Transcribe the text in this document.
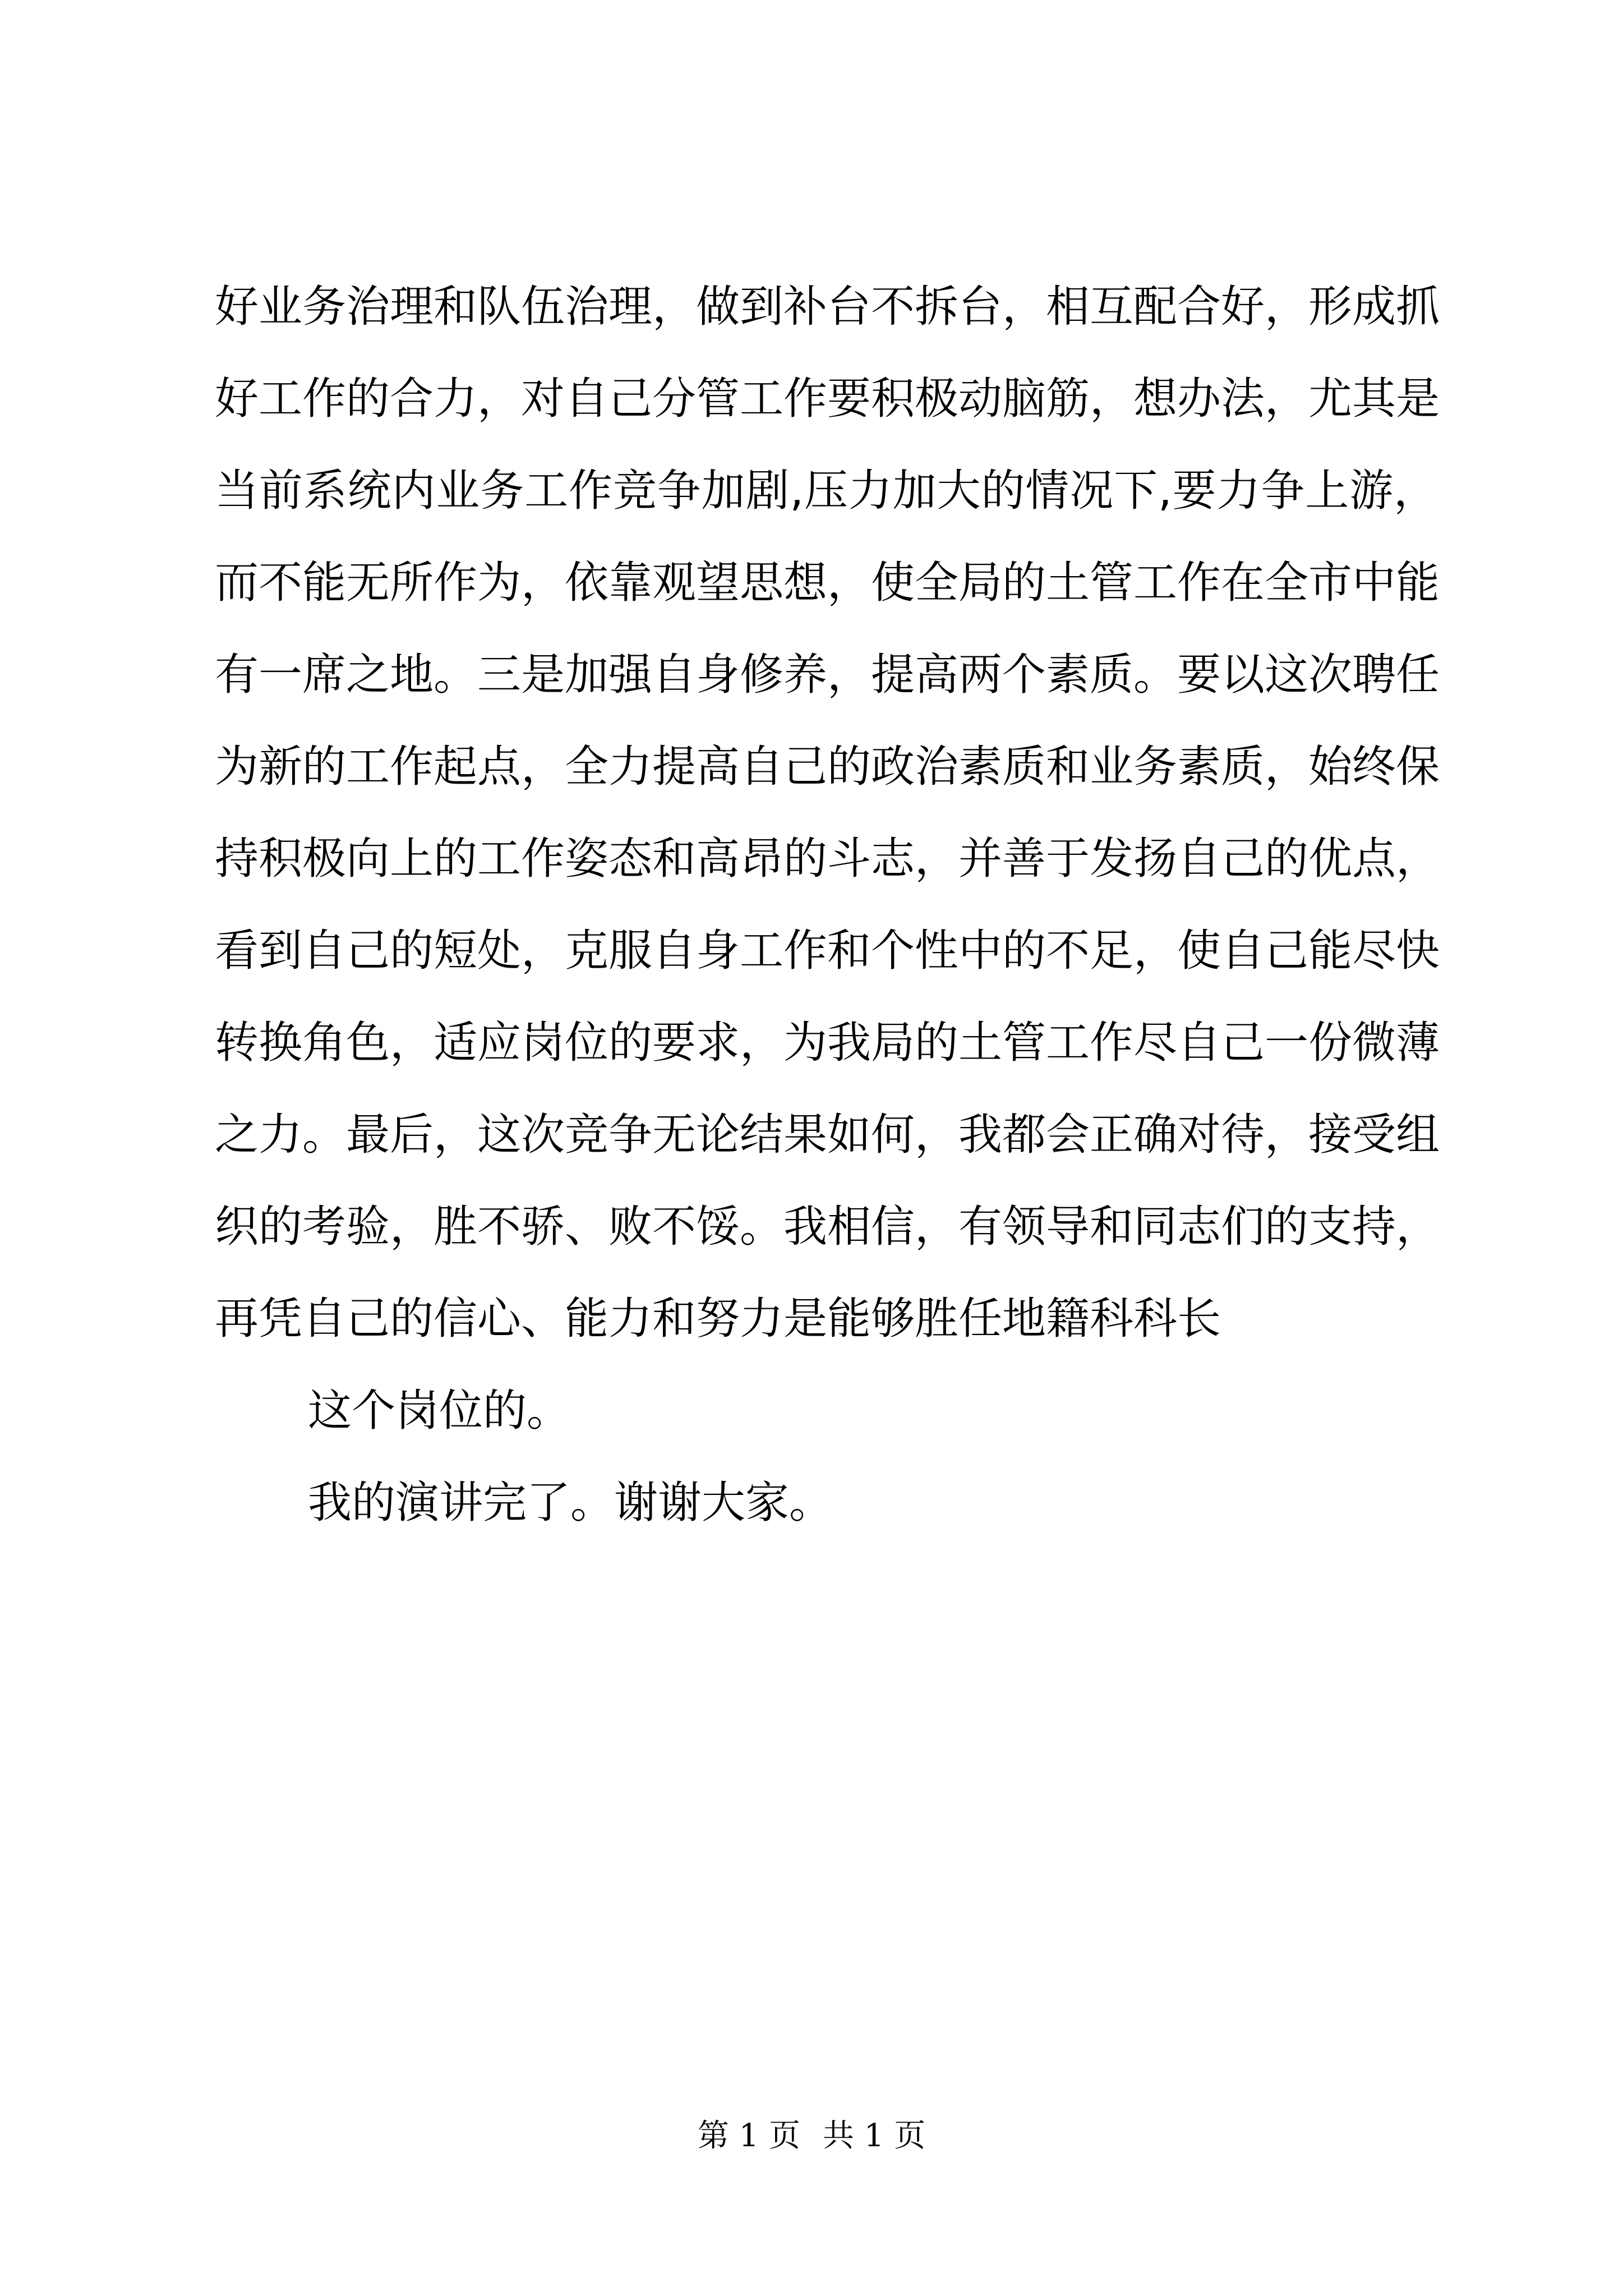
好业务治理和队伍治理，做到补台不拆台，相互配合好，形成抓
好工作的合力，对自己分管工作要积极动脑筋，想办法，尤其是
当前系统内业务工作竞争加剧,压力加大的情况下,要力争上游，
而不能无所作为，依靠观望思想，使全局的土管工作在全市中能
有一席之地。三是加强自身修养，提高两个素质。要以这次聘任
为新的工作起点，全力提高自己的政治素质和业务素质，始终保
持积极向上的工作姿态和高昂的斗志，并善于发扬自己的优点，
看到自己的短处，克服自身工作和个性中的不足，使自己能尽快
转换角色，适应岗位的要求，为我局的土管工作尽自己一份微薄
之力。最后，这次竞争无论结果如何，我都会正确对待，接受组
织的考验，胜不骄、败不馁。我相信，有领导和同志们的支持，
再凭自己的信心、能力和努力是能够胜任地籍科科长
这个岗位的。
我的演讲完了。谢谢大家。
第 1 页 共 1 页
